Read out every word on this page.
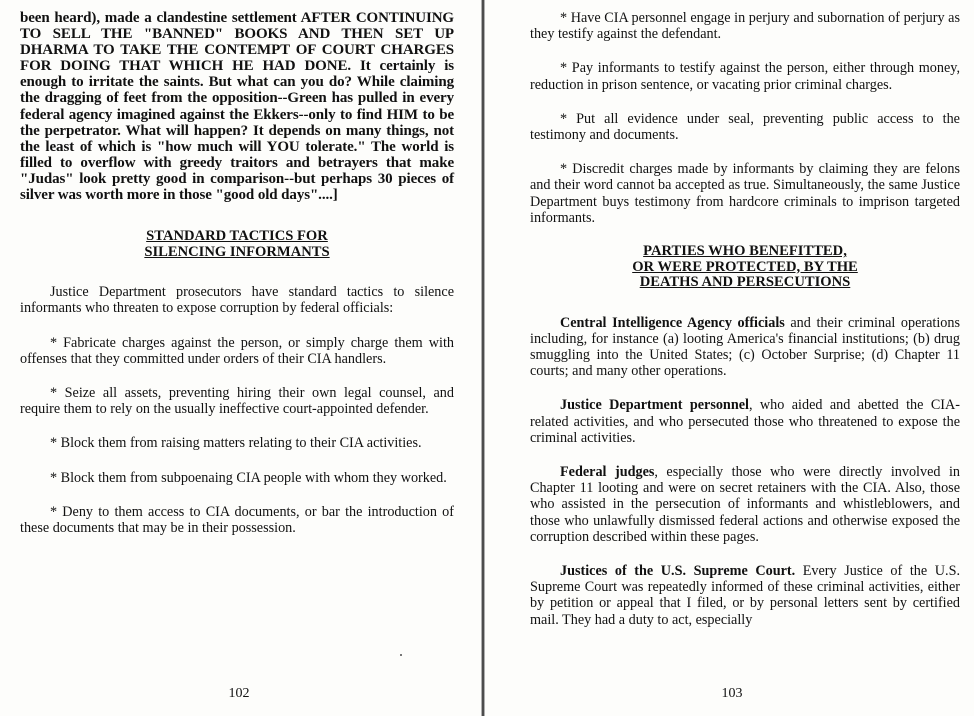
been heard), made a clandestine settlement AFTER CONTINUING TO SELL THE "BANNED" BOOKS AND THEN SET UP DHARMA TO TAKE THE CONTEMPT OF COURT CHARGES FOR DOING THAT WHICH HE HAD DONE. It certainly is enough to irritate the saints. But what can you do? While claiming the dragging of feet from the opposition--Green has pulled in every federal agency imagined against the Ekkers--only to find HIM to be the perpetrator. What will happen? It depends on many things, not the least of which is "how much will YOU tolerate." The world is filled to overflow with greedy traitors and betrayers that make "Judas" look pretty good in comparison--but perhaps 30 pieces of silver was worth more in those "good old days"....]

STANDARD TACTICS FOR
SILENCING INFORMANTS

Justice Department prosecutors have standard tactics to silence informants who threaten to expose corruption by federal officials:

* Fabricate charges against the person, or simply charge them with offenses that they committed under orders of their CIA handlers.

* Seize all assets, preventing hiring their own legal counsel, and require them to rely on the usually ineffective court-appointed defender.

* Block them from raising matters relating to their CIA activities.

* Block them from subpoenaing CIA people with whom they worked.

* Deny to them access to CIA documents, or bar the introduction of these documents that may be in their possession.

102

* Have CIA personnel engage in perjury and subornation of perjury as they testify against the defendant.

* Pay informants to testify against the person, either through money, reduction in prison sentence, or vacating prior criminal charges.

* Put all evidence under seal, preventing public access to the testimony and documents.

* Discredit charges made by informants by claiming they are felons and their word cannot ba accepted as true. Simultaneously, the same Justice Department buys testimony from hardcore criminals to imprison targeted informants.

PARTIES WHO BENEFITTED,
OR WERE PROTECTED, BY THE
DEATHS AND PERSECUTIONS

Central Intelligence Agency officials and their criminal operations including, for instance (a) looting America's financial institutions; (b) drug smuggling into the United States; (c) October Surprise; (d) Chapter 11 courts; and many other operations.

Justice Department personnel, who aided and abetted the CIA-related activities, and who persecuted those who threatened to expose the criminal activities.

Federal judges, especially those who were directly involved in Chapter 11 looting and were on secret retainers with the CIA. Also, those who assisted in the persecution of informants and whistleblowers, and those who unlawfully dismissed federal actions and otherwise exposed the corruption described within these pages.

Justices of the U.S. Supreme Court. Every Justice of the U.S. Supreme Court was repeatedly informed of these criminal activities, either by petition or appeal that I filed, or by personal letters sent by certified mail. They had a duty to act, especially

103
